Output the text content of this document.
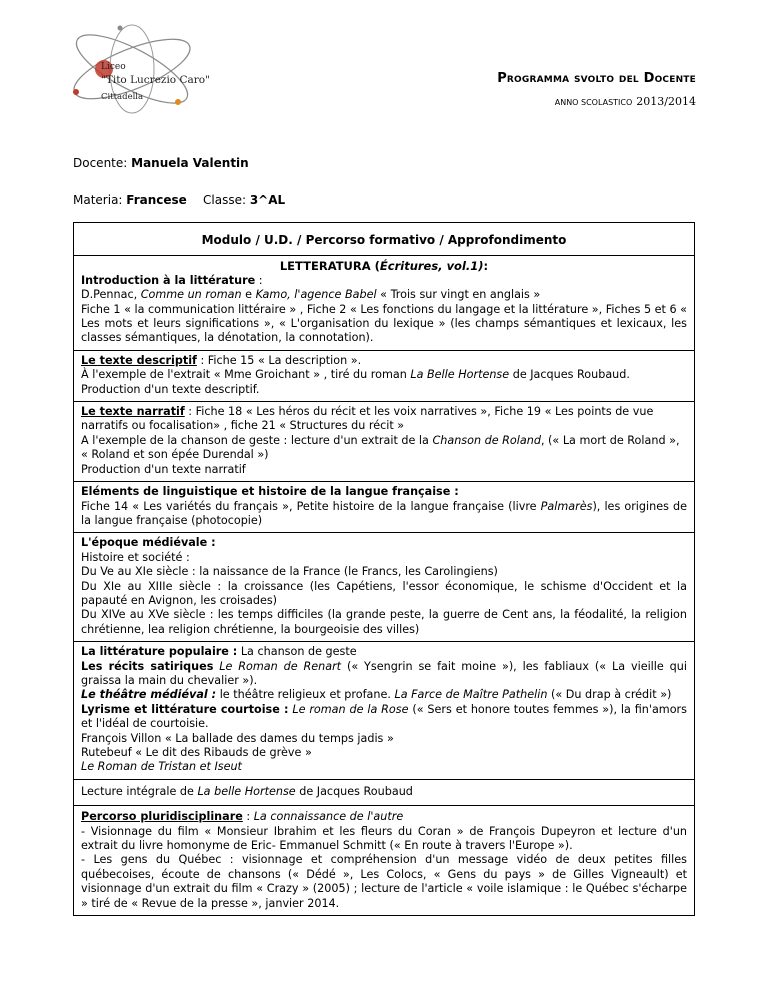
Liceo
"Tito Lucrezio Caro"
Cittadella
Programma svolto del Docente
ANNO SCOLASTICO 2013/2014
Docente: Manuela Valentin
Materia: Francese Classe: 3^AL
Modulo / U.D. / Percorso formativo / Approfondimento
LETTERATURA (Écritures, vol.1):
Introduction à la littérature :
D.Pennac, Comme un roman e Kamo, l'agence Babel « Trois sur vingt en anglais »
Fiche 1 « la communication littéraire » , Fiche 2 « Les fonctions du langage et la littérature », Fiches 5 et 6 « Les mots et leurs significations », « L'organisation du lexique » (les champs sémantiques et lexicaux, les classes sémantiques, la dénotation, la connotation).
Le texte descriptif : Fiche 15 « La description ».
À l'exemple de l'extrait « Mme Groichant » , tiré du roman La Belle Hortense de Jacques Roubaud.
Production d'un texte descriptif.
Le texte narratif : Fiche 18 « Les héros du récit et les voix narratives », Fiche 19 « Les points de vue narratifs ou focalisation» , fiche 21 « Structures du récit »
A l'exemple de la chanson de geste : lecture d'un extrait de la Chanson de Roland, (« La mort de Roland », « Roland et son épée Durendal »)
Production d'un texte narratif
Eléments de linguistique et histoire de la langue française :
Fiche 14 « Les variétés du français », Petite histoire de la langue française (livre Palmarès), les origines de la langue française (photocopie)
L'époque médiévale :
Histoire et société :
Du Ve au XIe siècle : la naissance de la France (le Francs, les Carolingiens)
Du XIe au XIIIe siècle : la croissance (les Capétiens, l'essor économique, le schisme d'Occident et la papauté en Avignon, les croisades)
Du XIVe au XVe siècle : les temps difficiles (la grande peste, la guerre de Cent ans, la féodalité, la religion chrétienne, lea religion chrétienne, la bourgeoisie des villes)
La littérature populaire : La chanson de geste
Les récits satiriques Le Roman de Renart (« Ysengrin se fait moine »), les fabliaux (« La vieille qui graissa la main du chevalier »).
Le théâtre médiéval : le théâtre religieux et profane. La Farce de Maître Pathelin (« Du drap à crédit »)
Lyrisme et littérature courtoise : Le roman de la Rose (« Sers et honore toutes femmes »), la fin'amors et l'idéal de courtoisie.
François Villon « La ballade des dames du temps jadis »
Rutebeuf « Le dit des Ribauds de grève »
Le Roman de Tristan et Iseut
Lecture intégrale de La belle Hortense de Jacques Roubaud
Percorso pluridisciplinare : La connaissance de l'autre
- Visionnage du film « Monsieur Ibrahim et les fleurs du Coran » de François Dupeyron et lecture d'un extrait du livre homonyme de Eric- Emmanuel Schmitt (« En route à travers l'Europe »).
- Les gens du Québec : visionnage et compréhension d'un message vidéo de deux petites filles québecoises, écoute de chansons (« Dédé », Les Colocs, « Gens du pays » de Gilles Vigneault) et visionnage d'un extrait du film « Crazy » (2005) ; lecture de l'article « voile islamique : le Québec s'écharpe » tiré de « Revue de la presse », janvier 2014.
